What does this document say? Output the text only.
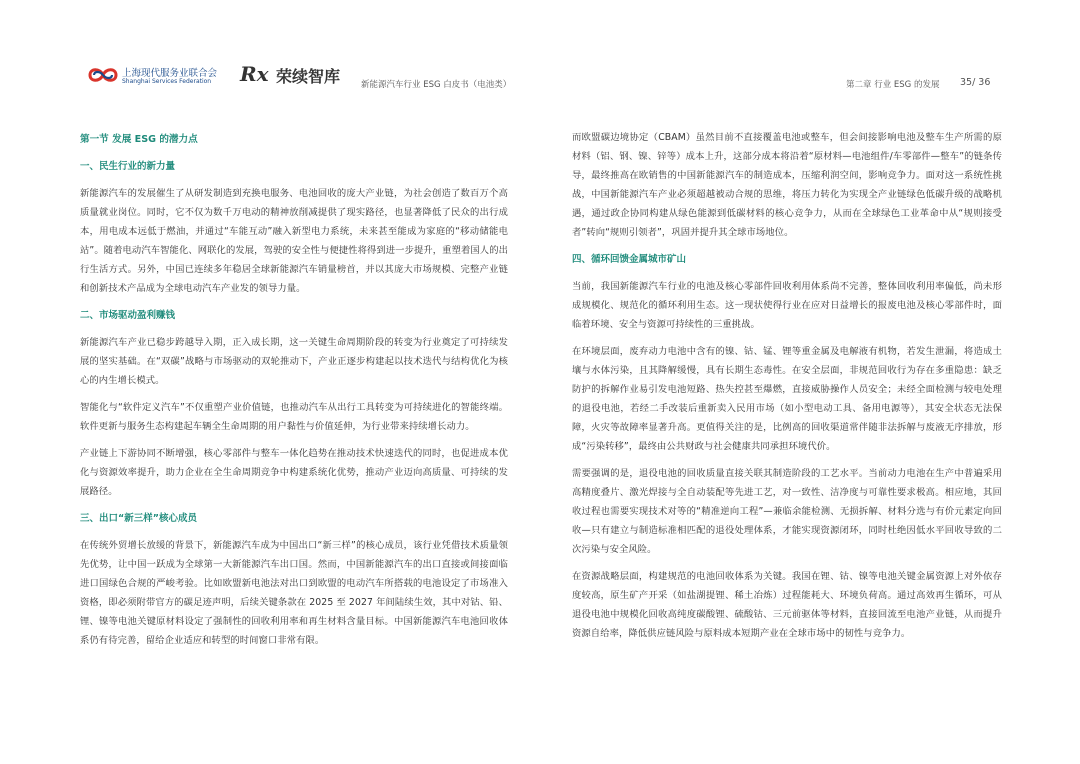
上海现代服务业联合会
Shanghai Services Federation Rx 荣续智库 新能源汽车行业 ESG 白皮书（电池类）	第二章 行业 ESG 的发展 35/ 36
第一节 发展 ESG 的潜力点
一、民生行业的新力量

新能源汽车的发展催生了从研发制造到充换电服务、电池回收的庞大产业链，为社会创造了数百万个高质量就业岗位。同时，它不仅为数千万电动的精神放削减提供了现实路径，也显著降低了民众的出行成本，用电成本远低于燃油，并通过“车能互动”融入新型电力系统，未来甚至能成为家庭的“移动储能电站”。随着电动汽车智能化、网联化的发展，驾驶的安全性与便捷性将得到进一步提升，重塑着国人的出行生活方式。另外，中国已连续多年稳居全球新能源汽车销量榜首，并以其庞大市场规模、完整产业链和创新技术产品成为全球电动汽车产业发的领导力量。

二、市场驱动盈利赚钱

新能源汽车产业已稳步跨越导入期，正入成长期，这一关键生命周期阶段的转变为行业奠定了可持续发展的坚实基础。在“双碳”战略与市场驱动的双轮推动下，产业正逐步构建起以技术迭代与结构优化为核心的内生增长模式。

智能化与“软件定义汽车”不仅重塑产业价值链，也推动汽车从出行工具转变为可持续进化的智能终端。软件更新与服务生态构建起车辆全生命周期的用户黏性与价值延伸，为行业带来持续增长动力。

产业链上下游协同不断增强，核心零部件与整车一体化趋势在推动技术快速迭代的同时，也促进成本优化与资源效率提升，助力企业在全生命周期竞争中构建系统化优势，推动产业迈向高质量、可持续的发展路径。

三、出口“新三样”核心成员

在传统外贸增长放缓的背景下，新能源汽车成为中国出口“新三样”的核心成员，该行业凭借技术质量领先优势，让中国一跃成为全球第一大新能源汽车出口国。然而，中国新能源汽车的出口直接或间接面临进口国绿色合规的严峻考验。比如欧盟新电池法对出口到欧盟的电动汽车所搭载的电池设定了市场准入资格，即必须附带官方的碳足迹声明，后续关键条款在 2025 至 2027 年间陆续生效，其中对钴、铅、锂、镍等电池关键原材料设定了强制性的回收利用率和再生材料含量目标。中国新能源汽车电池回收体系仍有待完善，留给企业适应和转型的时间窗口非常有限。

而欧盟碳边境协定（CBAM）虽然目前不直接覆盖电池或整车，但会间接影响电池及整车生产所需的原材料（铝、钢、镍、锌等）成本上升，这部分成本将沿着“原材料—电池组件/车零部件—整车”的链条传导，最终推高在欧销售的中国新能源汽车的制造成本，压缩利润空间，影响竞争力。面对这一系统性挑战，中国新能源汽车产业必须超越被动合规的思维，将压力转化为实现全产业链绿色低碳升级的战略机遇，通过政企协同构建从绿色能源到低碳材料的核心竞争力，从而在全球绿色工业革命中从“规则接受者”转向“规则引领者”，巩固并提升其全球市场地位。

四、循环回馈金属城市矿山

当前，我国新能源汽车行业的电池及核心零部件回收利用体系尚不完善，整体回收利用率偏低，尚未形成规模化、规范化的循环利用生态。这一现状使得行业在应对日益增长的报废电池及核心零部件时，面临着环境、安全与资源可持续性的三重挑战。

在环境层面，废弃动力电池中含有的镍、钴、锰、锂等重金属及电解液有机物，若发生泄漏，将造成土壤与水体污染，且其降解缓慢，具有长期生态毒性。在安全层面，非规范回收行为存在多重隐患：缺乏防护的拆解作业易引发电池短路、热失控甚至爆燃，直接威胁操作人员安全；未经全面检测与较电处理的退役电池，若经二手改装后重新卖入民用市场（如小型电动工具、备用电源等），其安全状态无法保障，火灾等故障率显著升高。更值得关注的是，比例高的回收渠道常伴随非法拆解与废液无序排放，形成“污染转移”，最终由公共财政与社会健康共同承担环境代价。

需要强调的是，退役电池的回收质量直接关联其制造阶段的工艺水平。当前动力电池在生产中普遍采用高精度叠片、激光焊接与全自动装配等先进工艺，对一致性、洁净度与可靠性要求极高。相应地，其回收过程也需要实现技术对等的“精准逆向工程”—兼临余能检测、无损拆解、材料分选与有价元素定向回收—只有建立与制造标准相匹配的退役处理体系，才能实现资源闭环，同时杜绝因低水平回收导致的二次污染与安全风险。

在资源战略层面，构建规范的电池回收体系为关键。我国在锂、钴、镍等电池关键金属资源上对外依存度较高，原生矿产开采（如盐湖提锂、稀土冶炼）过程能耗大、环境负荷高。通过高效再生循环，可从退役电池中规模化回收高纯度碳酸锂、硫酸钴、三元前驱体等材料，直接回流至电池产业链，从而提升资源自给率，降低供应链风险与原料成本短期产业在全球市场中的韧性与竞争力。
